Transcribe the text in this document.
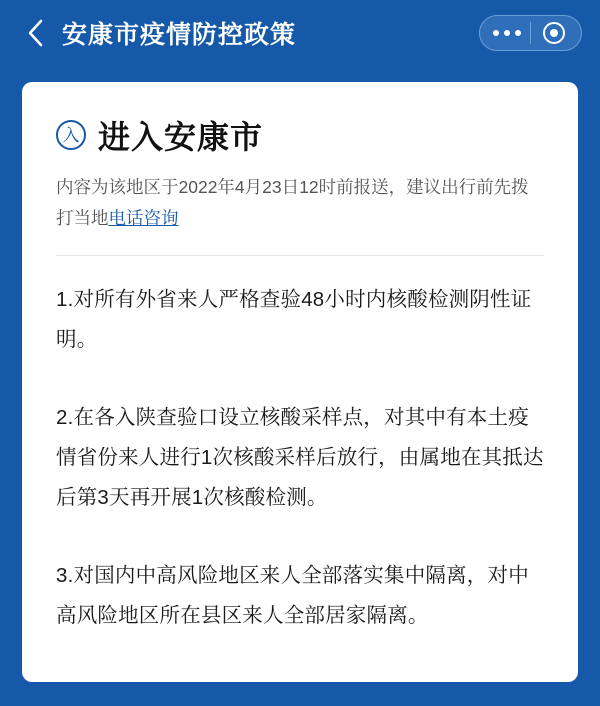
安康市疫情防控政策
入 进入安康市
内容为该地区于2022年4月23日12时前报送，建议出行前先拨打当地电话咨询

1.对所有外省来人严格查验48小时内核酸检测阴性证明。

2.在各入陕查验口设立核酸采样点，对其中有本土疫情省份来人进行1次核酸采样后放行，由属地在其抵达后第3天再开展1次核酸检测。

3.对国内中高风险地区来人全部落实集中隔离，对中高风险地区所在县区来人全部居家隔离。
